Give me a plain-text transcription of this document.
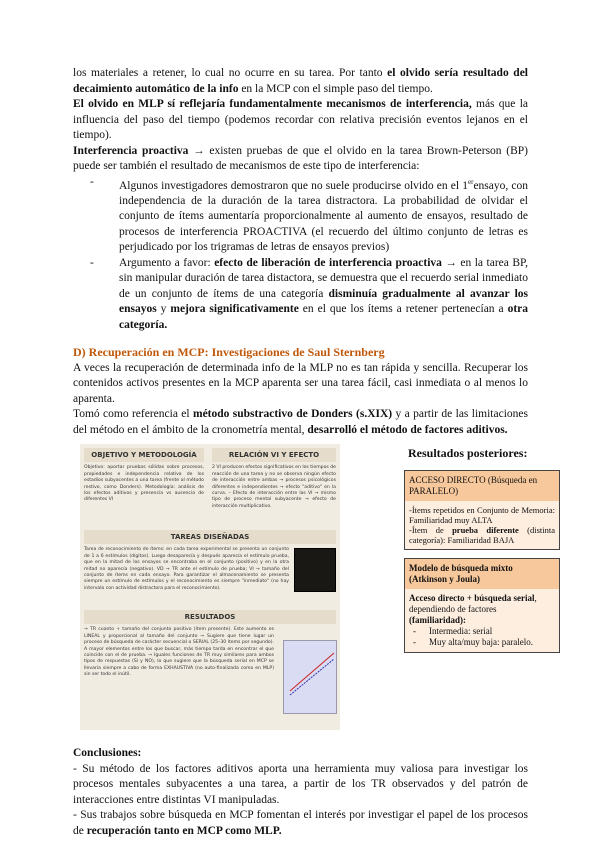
los materiales a retener, lo cual no ocurre en su tarea. Por tanto el olvido sería resultado del decaimiento automático de la info en la MCP con el simple paso del tiempo.

El olvido en MLP sí reflejaría fundamentalmente mecanismos de interferencia, más que la influencia del paso del tiempo (podemos recordar con relativa precisión eventos lejanos en el tiempo).

Interferencia proactiva → existen pruebas de que el olvido en la tarea Brown-Peterson (BP) puede ser también el resultado de mecanismos de este tipo de interferencia:

- Algunos investigadores demostraron que no suele producirse olvido en el 1erensayo, con independencia de la duración de la tarea distractora. La probabilidad de olvidar el conjunto de ítems aumentaría proporcionalmente al aumento de ensayos, resultado de procesos de interferencia PROACTIVA (el recuerdo del último conjunto de letras es perjudicado por los trigramas de letras de ensayos previos)

- Argumento a favor: efecto de liberación de interferencia proactiva → en la tarea BP, sin manipular duración de tarea distactora, se demuestra que el recuerdo serial inmediato de un conjunto de ítems de una categoría disminuía gradualmente al avanzar los ensayos y mejora significativamente en el que los ítems a retener pertenecían a otra categoría.

D) Recuperación en MCP: Investigaciones de Saul Sternberg

A veces la recuperación de determinada info de la MLP no es tan rápida y sencilla. Recuperar los contenidos activos presentes en la MCP aparenta ser una tarea fácil, casi inmediata o al menos lo aparenta.

Tomó como referencia el método substractivo de Donders (s.XIX) y a partir de las limitaciones del método en el ámbito de la cronometría mental, desarrolló el método de factores aditivos.

OBJETIVO Y METODOLOGÍA

Objetivo: aportar pruebas sólidas sobre procesos, propiedades e independencia relativa de los estadios subyacentes a una tarea (frente al método restivo, como Donders). Metodología: análisis de los efectos aditivos y presencia vs ausencia de diferentes VI

RELACIÓN VI Y EFECTO

2 VI producen efectos significativos en los tiempos de reacción de una tarea y no se observa ningún efecto de interacción entre ambas → procesos psicológicos diferentes e independientes → efecto "aditivo" en la curva. – Efecto de interacción entre las VI → mismo tipo de proceso mental subyacente → efecto de interacción multiplicativo.

TAREAS DISEÑADAS

Tarea de reconocimiento de ítems: en cada tarea experimental se presenta un conjunto de 1 a 6 estímulos (dígitos). Luego desaparecía y después aparecía el estímulo prueba, que en la mitad de los ensayos se encontraba en el conjunto (positivo) y en la otra mitad no aparecía (negativo). VD → TR ante el estímulo de prueba; VI → tamaño del conjunto de ítems en cada ensayo. Para garantizar el almacenamiento se presenta siempre un estímulo de estímulos y el reconocimiento es siempre "inmediato" (no hay intervalo con actividad distractora para el reconocimiento).

RESULTADOS

→ TR cuanto + tamaño del conjunto positivo (ítem presente). Este aumento es LINEAL y proporcional al tamaño del conjunto → Sugiere que tiene lugar un proceso de búsqueda de carácter secuencial o SERIAL (25–30 ítems por segundo). A mayor elementos entre los que buscar, más tiempo tarda en encontrar el que coincide con el de prueba. → Iguales funciones de TR muy similares para ambos tipos de respuestas (Sí y NO), lo que sugiere que la búsqueda serial en MCP se llevaría siempre a cabo de forma EXHAUSTIVA (no auto-finalizada como en MLP) sin ser todo el inútil.

Resultados posteriores:
ACCESO DIRECTO (Búsqueda en PARALELO)
-Ítems repetidos en Conjunto de Memoria: Familiaridad muy ALTA
-Ítem de prueba diferente (distinta categoría): Familiaridad BAJA
Modelo de búsqueda mixto
(Atkinson y Joula)
Acceso directo + búsqueda serial, dependiendo de factores (familiaridad):
- Intermedia: serial
- Muy alta/muy baja: paralelo.

Conclusiones:

- Su método de los factores aditivos aporta una herramienta muy valiosa para investigar los procesos mentales subyacentes a una tarea, a partir de los TR observados y del patrón de interacciones entre distintas VI manipuladas.

- Sus trabajos sobre búsqueda en MCP fomentan el interés por investigar el papel de los procesos de recuperación tanto en MCP como MLP.
